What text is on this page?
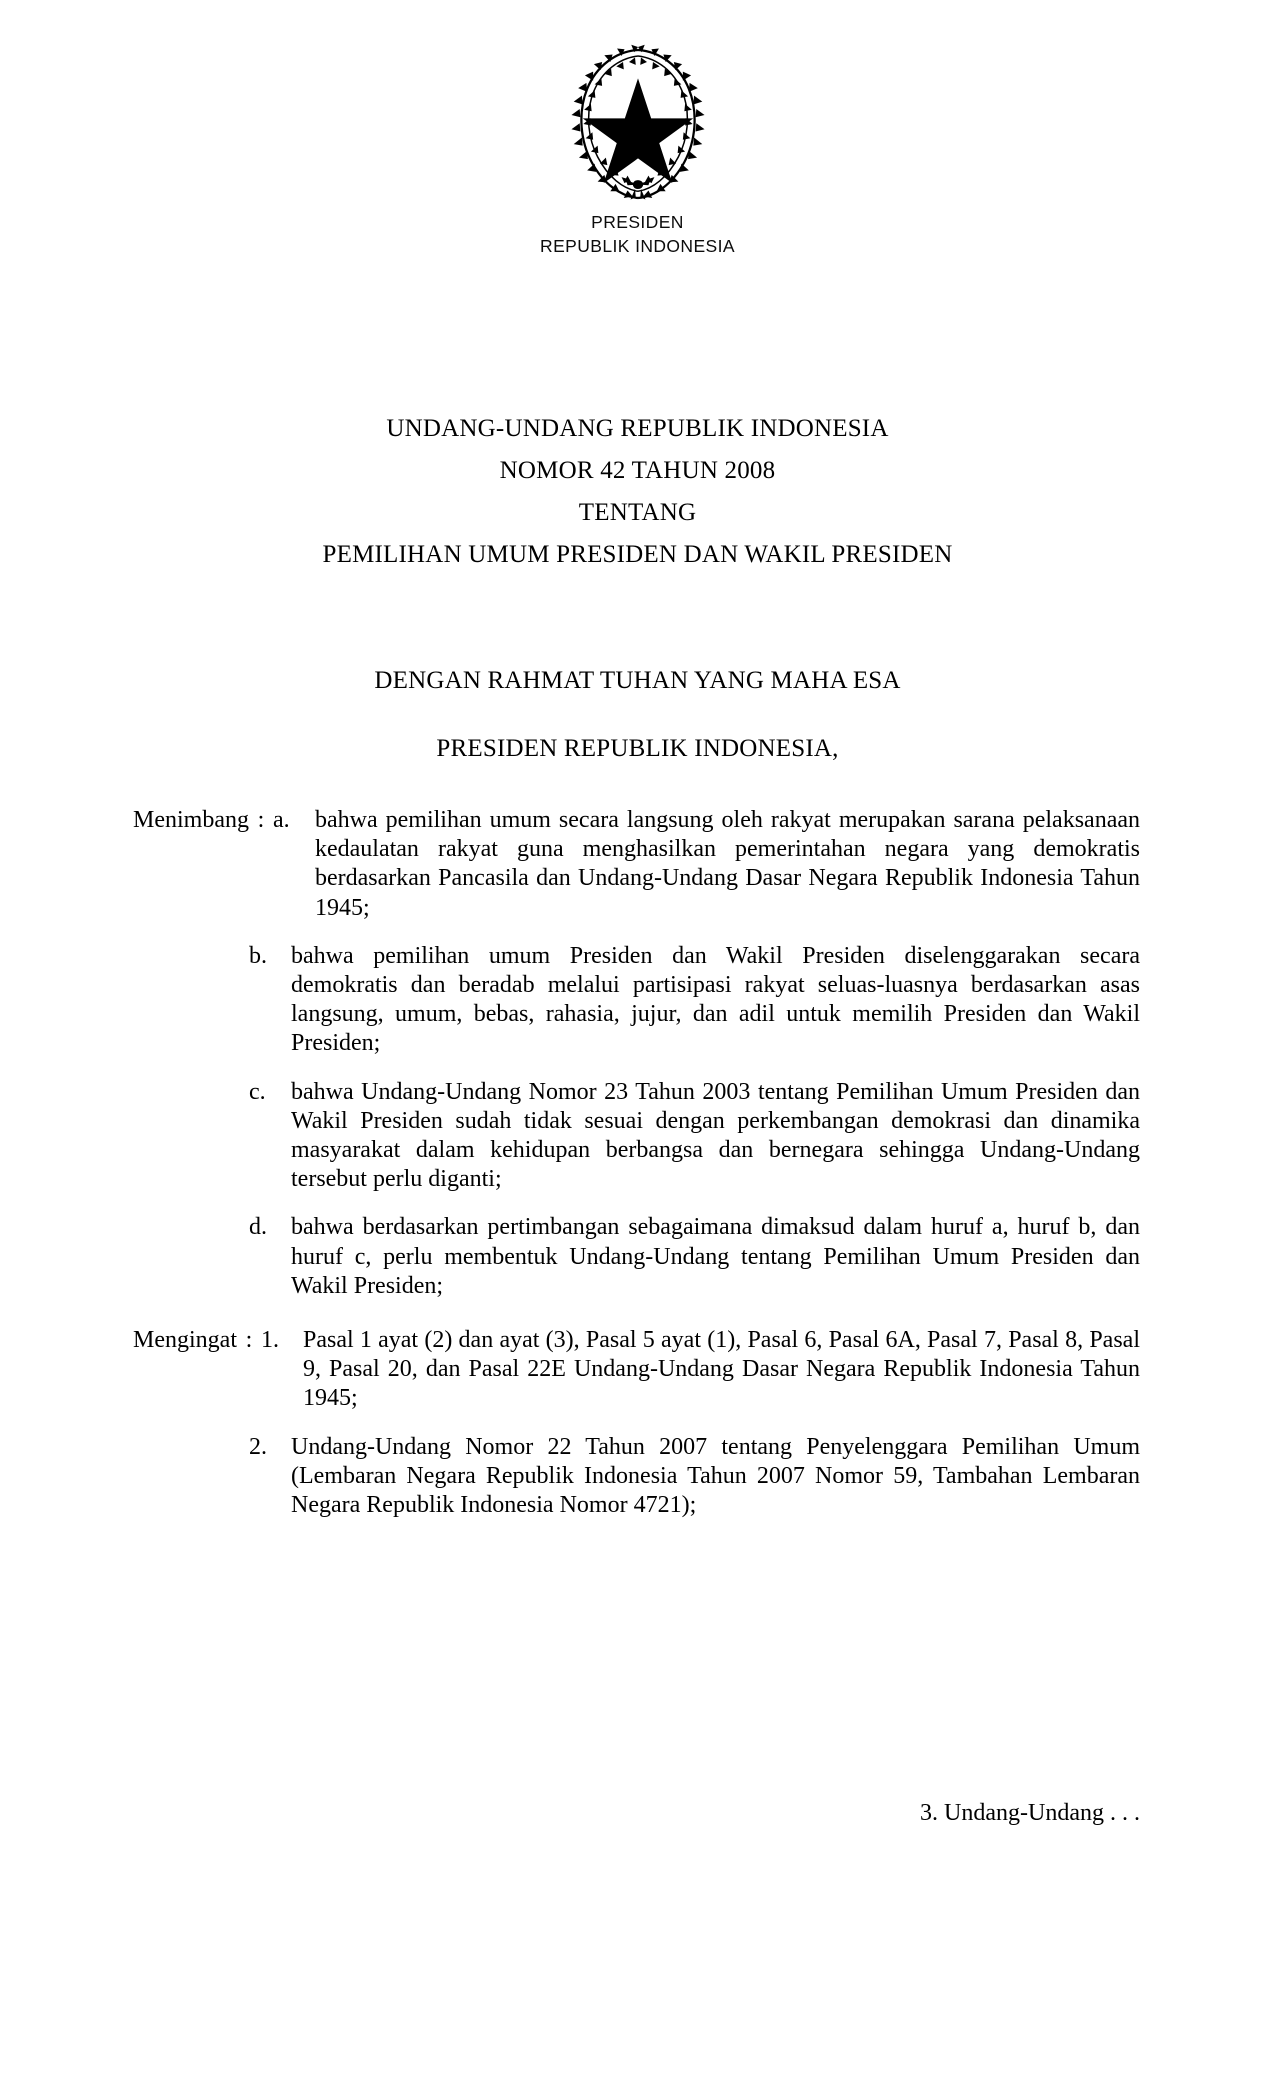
PRESIDEN
REPUBLIK INDONESIA
UNDANG-UNDANG REPUBLIK INDONESIA
NOMOR 42 TAHUN 2008
TENTANG
PEMILIHAN UMUM PRESIDEN DAN WAKIL PRESIDEN
DENGAN RAHMAT TUHAN YANG MAHA ESA
PRESIDEN REPUBLIK INDONESIA,
Menimbang : a.	bahwa pemilihan umum secara langsung oleh rakyat merupakan sarana pelaksanaan kedaulatan rakyat guna menghasilkan pemerintahan negara yang demokratis berdasarkan Pancasila dan Undang-Undang Dasar Negara Republik Indonesia Tahun 1945;
b.	bahwa pemilihan umum Presiden dan Wakil Presiden diselenggarakan secara demokratis dan beradab melalui partisipasi rakyat seluas-luasnya berdasarkan asas langsung, umum, bebas, rahasia, jujur, dan adil untuk memilih Presiden dan Wakil Presiden;
c.	bahwa Undang-Undang Nomor 23 Tahun 2003 tentang Pemilihan Umum Presiden dan Wakil Presiden sudah tidak sesuai dengan perkembangan demokrasi dan dinamika masyarakat dalam kehidupan berbangsa dan bernegara sehingga Undang-Undang tersebut perlu diganti;
d.	bahwa berdasarkan pertimbangan sebagaimana dimaksud dalam huruf a, huruf b, dan huruf c, perlu membentuk Undang-Undang tentang Pemilihan Umum Presiden dan Wakil Presiden;
Mengingat : 1.	Pasal 1 ayat (2) dan ayat (3), Pasal 5 ayat (1), Pasal 6, Pasal 6A, Pasal 7, Pasal 8, Pasal 9, Pasal 20, dan Pasal 22E Undang-Undang Dasar Negara Republik Indonesia Tahun 1945;
2.	Undang-Undang Nomor 22 Tahun 2007 tentang Penyelenggara Pemilihan Umum (Lembaran Negara Republik Indonesia Tahun 2007 Nomor 59, Tambahan Lembaran Negara Republik Indonesia Nomor 4721);
3. Undang-Undang . . .
